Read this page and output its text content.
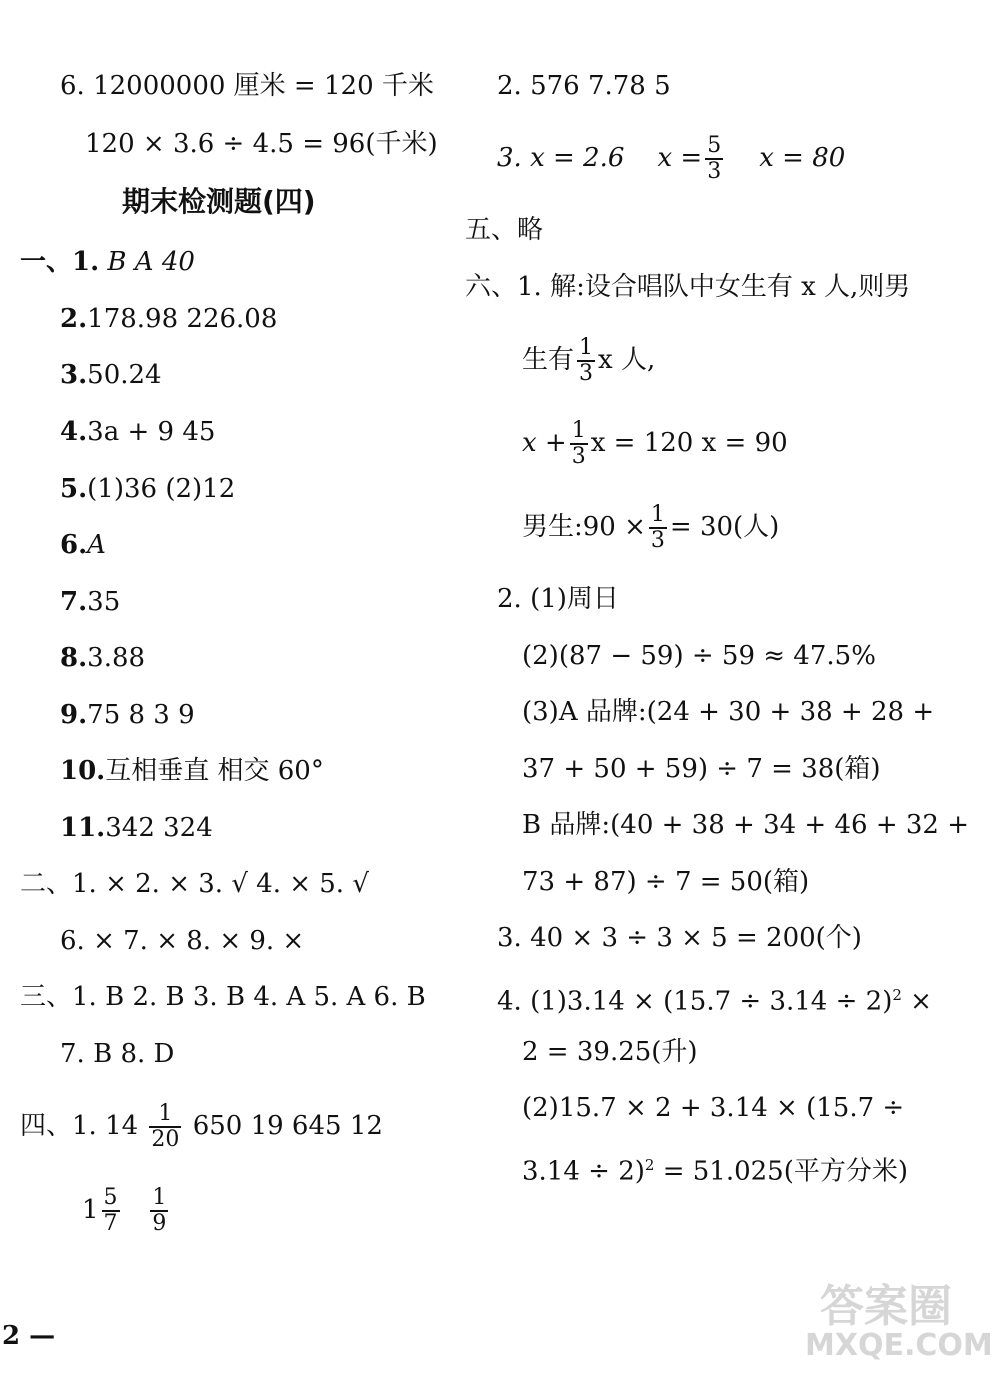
6. 12000000 厘米 = 120 千米
120 × 3.6 ÷ 4.5 = 96(千米)
期末检测题(四)
一、1. B A 40
2.178.98 226.08
3.50.24
4.3a + 9 45
5.(1)36 (2)12
6.A
7.35
8.3.88
9.75 8 3 9
10.互相垂直 相交 60°
11.342 324
二、1. × 2. × 3. √ 4. × 5. √
6. × 7. × 8. × 9. ×
三、1. B 2. B 3. B 4. A 5. A 6. B
7. B 8. D
四、1. $14 \frac{1}{20} 650$ 19 645 12
$1 \frac{5}{7}$
$\frac{1}{9}$
2 —
2. 576 7.78 5
3. x = 2.6 $x = \frac{5}{3}$ x = 80
五、略
六、1. 解:设合唱队中女生有 x 人,则男
生有 $\frac{1}{3}$ x 人,
$x + \frac{1}{3}$ x = 120 x = 90
男生:90 × $\frac{1}{3} = 30$(人)
2. (1)周日
(2)(87 − 59) ÷ 59 ≈ 47.5%
(3)A 品牌:(24 + 30 + 38 + 28 +
37 + 50 + 59) ÷ 7 = 38(箱)
B 品牌:(40 + 38 + 34 + 46 + 32 +
73 + 87) ÷ 7 = 50(箱)
3. 40 × 3 ÷ 3 × 5 = 200(个)
4. $(1)3.14 \times (15.7 \div 3.14 \div 2)^2$ ×
2 = 39.25(升)
(2)15.7 × 2 + 3.14 × (15.7 ÷
3.14 ÷ 2)$^2$ = 51.025(平方分米)
答案圈
MXQE.COM
